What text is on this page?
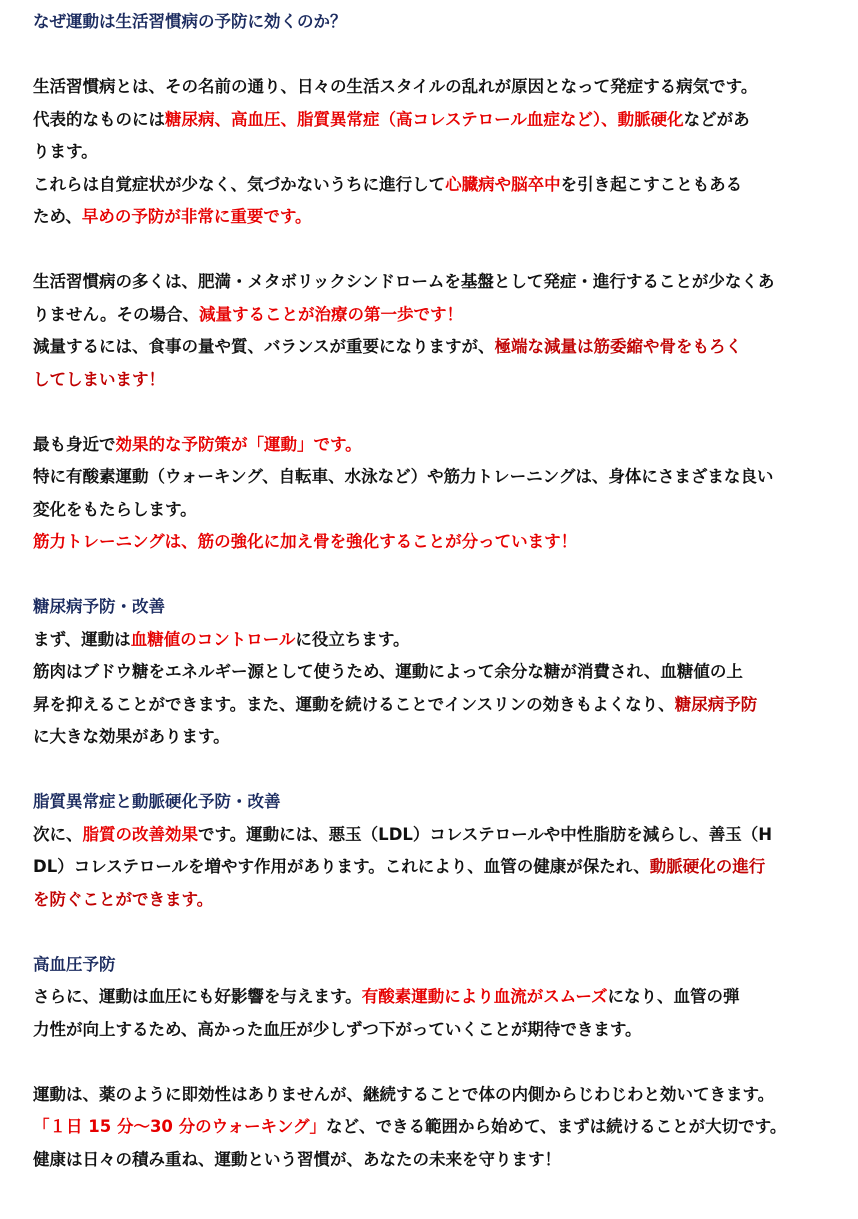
なぜ運動は生活習慣病の予防に効くのか？
生活習慣病とは、その名前の通り、日々の生活スタイルの乱れが原因となって発症する病気です。
代表的なものには糖尿病、高血圧、脂質異常症（高コレステロール血症など）、動脈硬化などがあ
ります。
これらは自覚症状が少なく、気づかないうちに進行して心臓病や脳卒中を引き起こすこともある
ため、早めの予防が非常に重要です。
生活習慣病の多くは、肥満・メタボリックシンドロームを基盤として発症・進行することが少なくあ
りません。その場合、減量することが治療の第一歩です！
減量するには、食事の量や質、バランスが重要になりますが、極端な減量は筋委縮や骨をもろく
してしまいます！
最も身近で効果的な予防策が「運動」です。
特に有酸素運動（ウォーキング、自転車、水泳など）や筋力トレーニングは、身体にさまざまな良い
変化をもたらします。
筋力トレーニングは、筋の強化に加え骨を強化することが分っています！
糖尿病予防・改善
まず、運動は血糖値のコントロールに役立ちます。
筋肉はブドウ糖をエネルギー源として使うため、運動によって余分な糖が消費され、血糖値の上
昇を抑えることができます。また、運動を続けることでインスリンの効きもよくなり、糖尿病予防
に大きな効果があります。
脂質異常症と動脈硬化予防・改善
次に、脂質の改善効果です。運動には、悪玉（LDL）コレステロールや中性脂肪を減らし、善玉（H
DL）コレステロールを増やす作用があります。これにより、血管の健康が保たれ、動脈硬化の進行
を防ぐことができます。
高血圧予防
さらに、運動は血圧にも好影響を与えます。有酸素運動により血流がスムーズになり、血管の弾
力性が向上するため、高かった血圧が少しずつ下がっていくことが期待できます。
運動は、薬のように即効性はありませんが、継続することで体の内側からじわじわと効いてきます。
「１日 15 分～30 分のウォーキング」など、できる範囲から始めて、まずは続けることが大切です。
健康は日々の積み重ね、運動という習慣が、あなたの未来を守ります！
